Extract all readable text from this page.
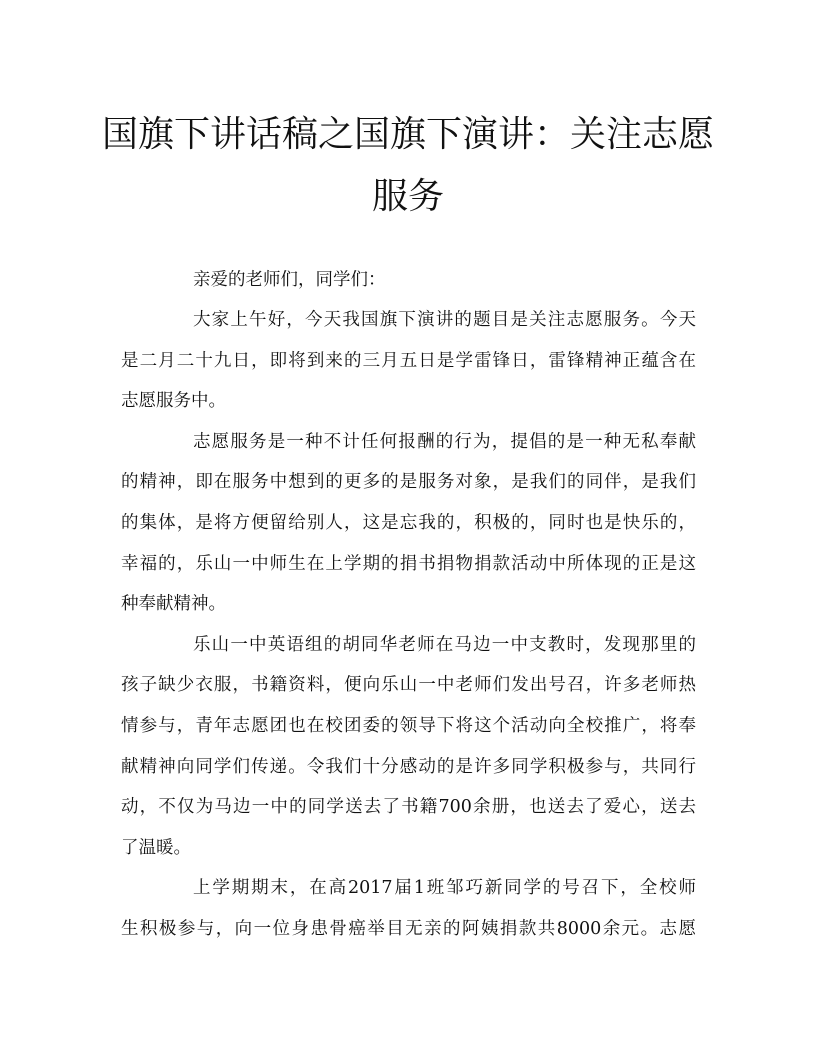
国旗下讲话稿之国旗下演讲：关注志愿
服务

亲爱的老师们，同学们：

大家上午好，今天我国旗下演讲的题目是关注志愿服务。今天
是二月二十九日，即将到来的三月五日是学雷锋日，雷锋精神正蕴含在
志愿服务中。

志愿服务是一种不计任何报酬的行为，提倡的是一种无私奉献
的精神，即在服务中想到的更多的是服务对象，是我们的同伴，是我们
的集体，是将方便留给别人，这是忘我的，积极的，同时也是快乐的，
幸福的，乐山一中师生在上学期的捐书捐物捐款活动中所体现的正是这
种奉献精神。

乐山一中英语组的胡同华老师在马边一中支教时，发现那里的
孩子缺少衣服，书籍资料，便向乐山一中老师们发出号召，许多老师热
情参与，青年志愿团也在校团委的领导下将这个活动向全校推广，将奉
献精神向同学们传递。令我们十分感动的是许多同学积极参与，共同行
动，不仅为马边一中的同学送去了书籍700余册，也送去了爱心，送去
了温暖。

上学期期末，在高2017届1班邹巧新同学的号召下，全校师
生积极参与，向一位身患骨癌举目无亲的阿姨捐款共8000余元。志愿
